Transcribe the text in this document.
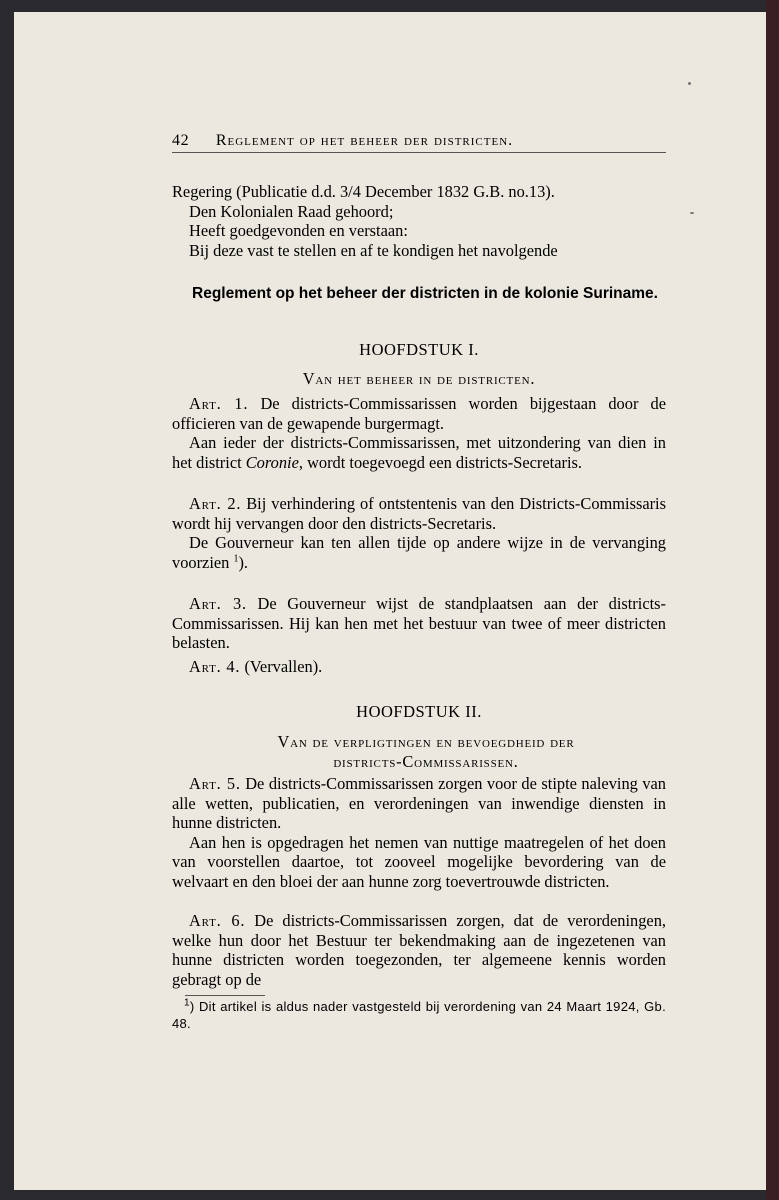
42 Reglement op het beheer der districten.

Regering (Publicatie d.d. 3/4 December 1832 G.B. no.13).

Den Kolonialen Raad gehoord;

Heeft goedgevonden en verstaan:

Bij deze vast te stellen en af te kondigen het navolgende

Reglement op het beheer der districten in de kolonie Suriname.
HOOFDSTUK I.
Van het beheer in de districten.

Art. 1. De districts-Commissarissen worden bijgestaan door de officieren van de gewapende burgermagt.

Aan ieder der districts-Commissarissen, met uitzondering van dien in het district Coronie, wordt toegevoegd een districts-Secretaris.

Art. 2. Bij verhindering of ontstentenis van den Districts-Commissaris wordt hij vervangen door den districts-Secretaris.

De Gouverneur kan ten allen tijde op andere wijze in de vervanging voorzien $^1$).

Art. 3. De Gouverneur wijst de standplaatsen aan der districts-Commissarissen. Hij kan hen met het bestuur van twee of meer districten belasten.

Art. 4. (Vervallen).

HOOFDSTUK II.
Van de verpligtingen en bevoegdheid der
districts-Commissarissen.

Art. 5. De districts-Commissarissen zorgen voor de stipte naleving van alle wetten, publicatien, en verordeningen van inwendige diensten in hunne districten.

Aan hen is opgedragen het nemen van nuttige maatregelen of het doen van voorstellen daartoe, tot zooveel mogelijke bevordering van de welvaart en den bloei der aan hunne zorg toevertrouwde districten.

Art. 6. De districts-Commissarissen zorgen, dat de verordeningen, welke hun door het Bestuur ter bekendmaking aan de ingezetenen van hunne districten worden toegezonden, ter algemeene kennis worden gebragt op de

$^1$) Dit artikel is aldus nader vastgesteld bij verordening van 24 Maart 1924, Gb. 48.
